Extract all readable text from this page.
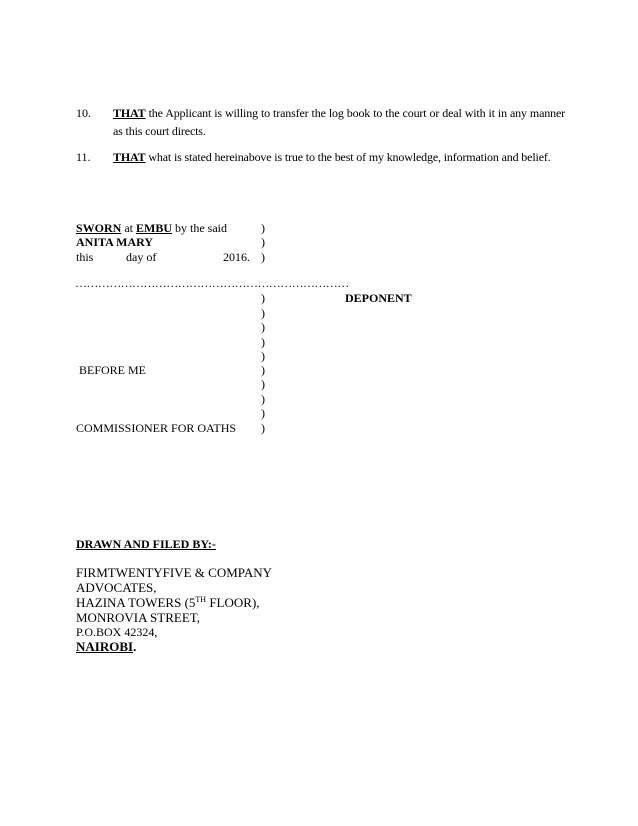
10. THAT the Applicant is willing to transfer the log book to the court or deal with it in any manner as this court directs.
11. THAT what is stated hereinabove is true to the best of my knowledge, information and belief.
SWORN at EMBU by the said
ANITA MARY
this	day of	2016.
)
)
)
………………………………………………………………
DEPONENT
)
)
)
)
)
)
)
)
)
)
BEFORE ME
COMMISSIONER FOR OATHS
DRAWN AND FILED BY:-
FIRMTWENTYFIVE & COMPANY
ADVOCATES,
HAZINA TOWERS (5TH FLOOR),
MONROVIA STREET,
P.O.BOX 42324,
NAIROBI.
